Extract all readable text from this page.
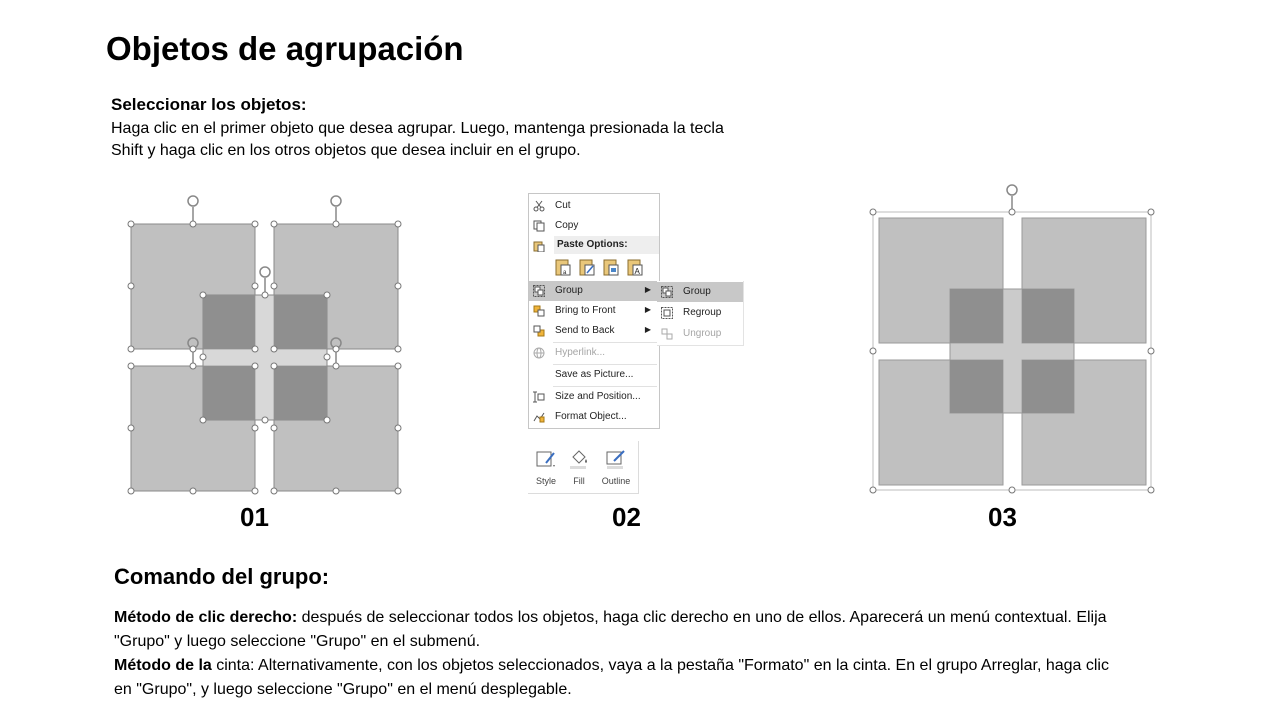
Objetos de agrupación
Seleccionar los objetos:
Haga clic en el primer objeto que desea agrupar. Luego, mantenga presionada la tecla Shift y haga clic en los otros objetos que desea incluir en el grupo.
Cut
Copy
Paste Options:
a	A
Group	▶
Bring to Front	▶
Send to Back	▶
Hyperlink...
Save as Picture...
Size and Position...
Format Object...
Group
Regroup
Ungroup
Style	Fill	Outline
01	02	03
Comando del grupo:
Método de clic derecho: después de seleccionar todos los objetos, haga clic derecho en uno de ellos. Aparecerá un menú contextual. Elija "Grupo" y luego seleccione "Grupo" en el submenú.
Método de la cinta: Alternativamente, con los objetos seleccionados, vaya a la pestaña "Formato" en la cinta. En el grupo Arreglar, haga clic en "Grupo", y luego seleccione "Grupo" en el menú desplegable.
